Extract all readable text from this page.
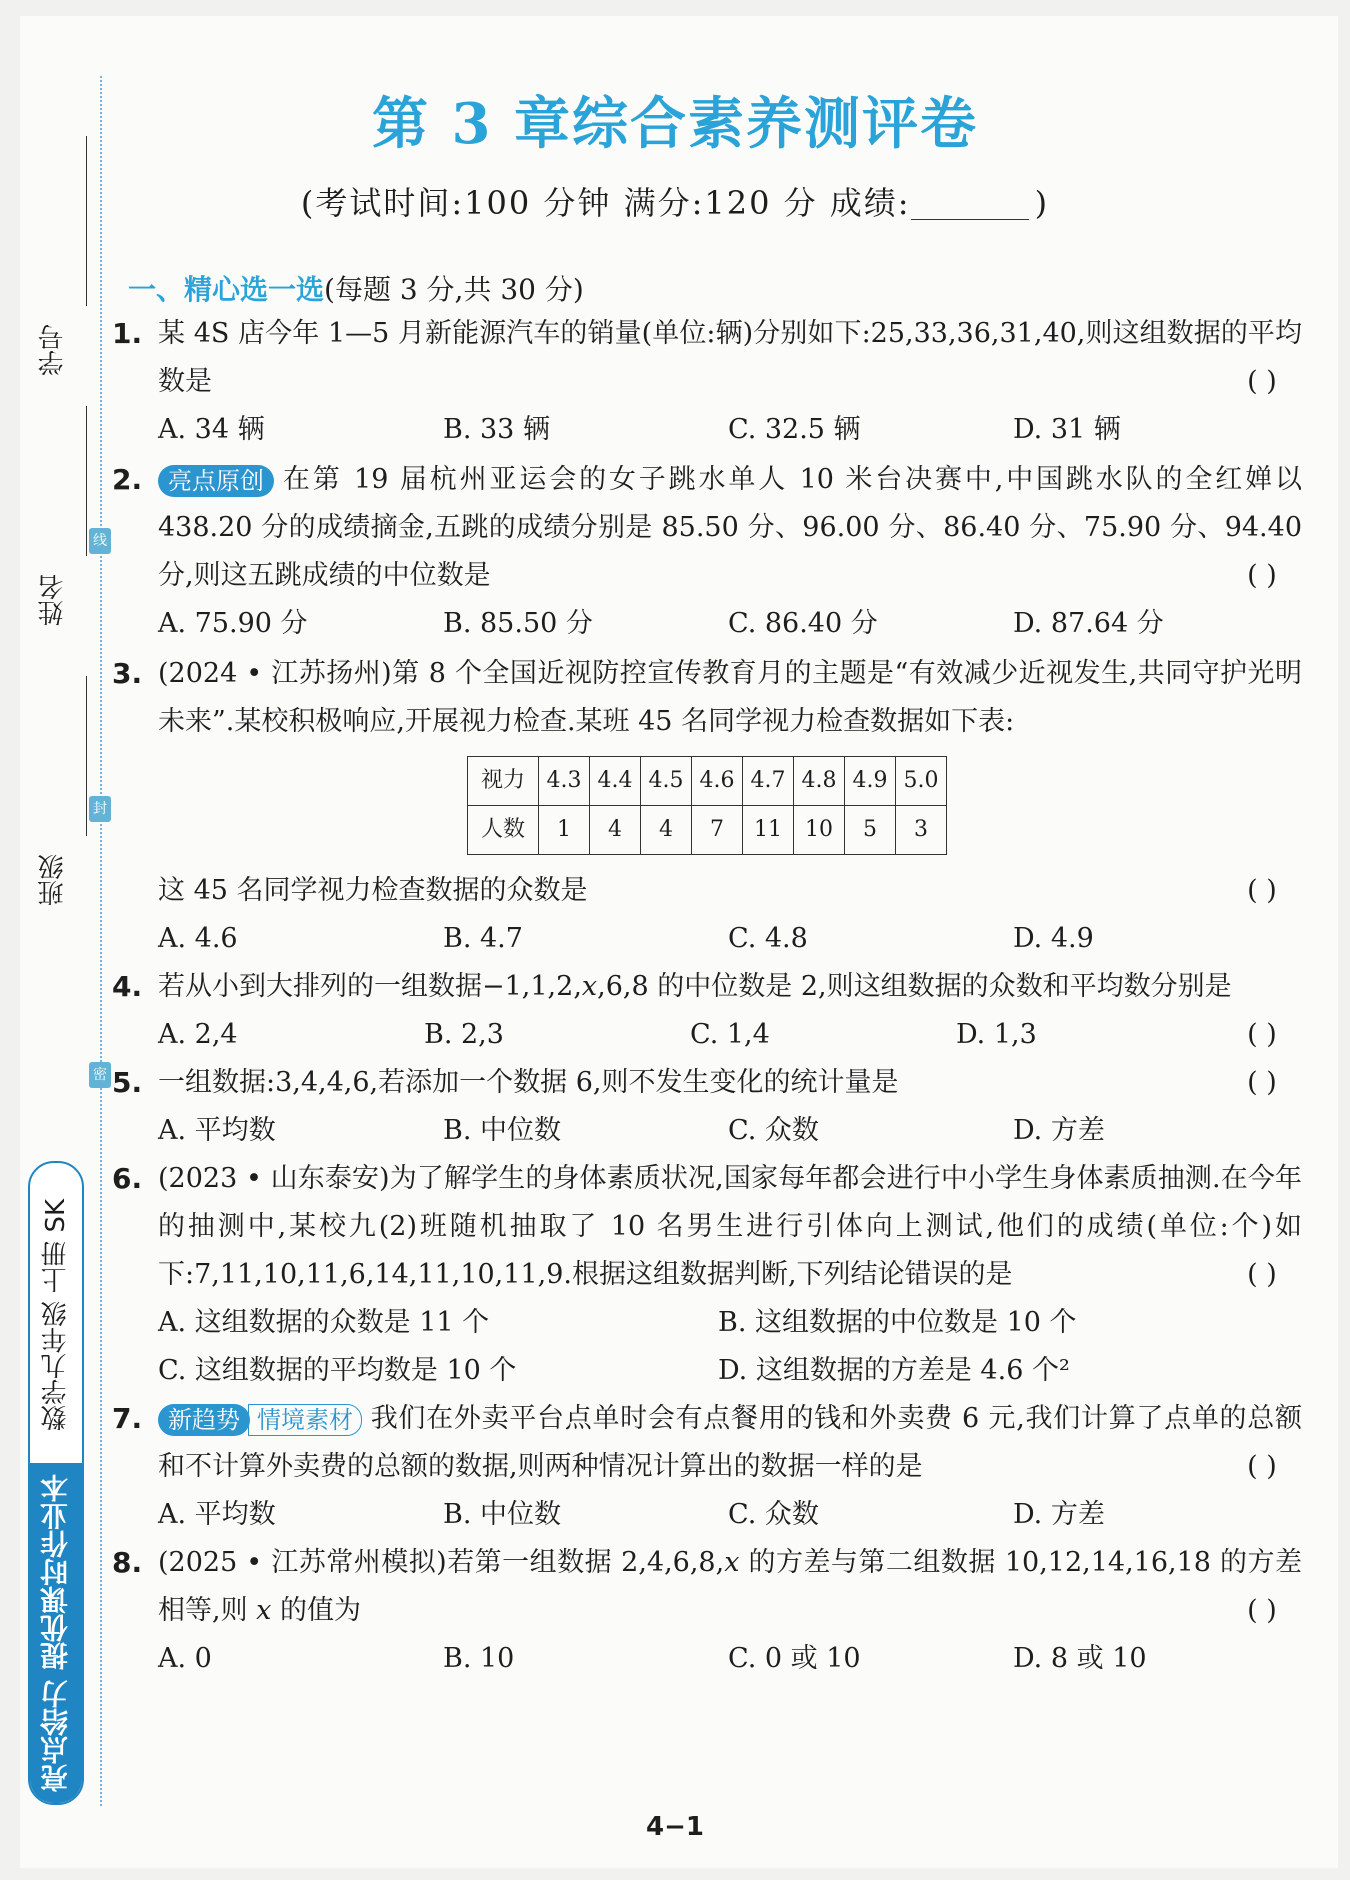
线
封
密
学号
姓名
班级
数学九年级 上册 SK
亮点给力 提优课时作业本
第 3 章综合素养测评卷
(考试时间:100 分钟 满分:120 分 成绩:	)
一、精心选一选(每题 3 分,共 30 分)
1. 某 4S 店今年 1—5 月新能源汽车的销量(单位:辆)分别如下:25,33,36,31,40,则这组数据的平均数是	( )
A. 34 辆	B. 33 辆	C. 32.5 辆	D. 31 辆
2.	亮点原创 在第 19 届杭州亚运会的女子跳水单人 10 米台决赛中,中国跳水队的全红婵以 438.20 分的成绩摘金,五跳的成绩分别是 85.50 分、96.00 分、86.40 分、75.90 分、94.40 分,则这五跳成绩的中位数是	( )
A. 75.90 分	B. 85.50 分	C. 86.40 分	D. 87.64 分
3. (2024 • 江苏扬州)第 8 个全国近视防控宣传教育月的主题是“有效减少近视发生,共同守护光明未来”.某校积极响应,开展视力检查.某班 45 名同学视力检查数据如下表:
视力	4.3	4.4	4.5	4.6	4.7	4.8	4.9	5.0
人数	1	4	4	7	11	10	5	3
这 45 名同学视力检查数据的众数是	( )
A. 4.6	B. 4.7	C. 4.8	D. 4.9
4. 若从小到大排列的一组数据−1,1,2,x,6,8 的中位数是 2,则这组数据的众数和平均数分别是
( )
A. 2,4	B. 2,3	C. 1,4	D. 1,3
5. 一组数据:3,4,4,6,若添加一个数据 6,则不发生变化的统计量是	( )
A. 平均数	B. 中位数	C. 众数	D. 方差
6. (2023 • 山东泰安)为了解学生的身体素质状况,国家每年都会进行中小学生身体素质抽测.在今年的抽测中,某校九(2)班随机抽取了 10 名男生进行引体向上测试,他们的成绩(单位:个)如下:7,11,10,11,6,14,11,10,11,9.根据这组数据判断,下列结论错误的是	( )
A. 这组数据的众数是 11 个	B. 这组数据的中位数是 10 个
C. 这组数据的平均数是 10 个	D. 这组数据的方差是 4.6 个²
7.	新趋势 情境素材 我们在外卖平台点单时会有点餐用的钱和外卖费 6 元,我们计算了点单的总额和不计算外卖费的总额的数据,则两种情况计算出的数据一样的是	( )
A. 平均数	B. 中位数	C. 众数	D. 方差
8. (2025 • 江苏常州模拟)若第一组数据 2,4,6,8,x 的方差与第二组数据 10,12,14,16,18 的方差相等,则 x 的值为	( )
A. 0	B. 10	C. 0 或 10	D. 8 或 10
4−1
